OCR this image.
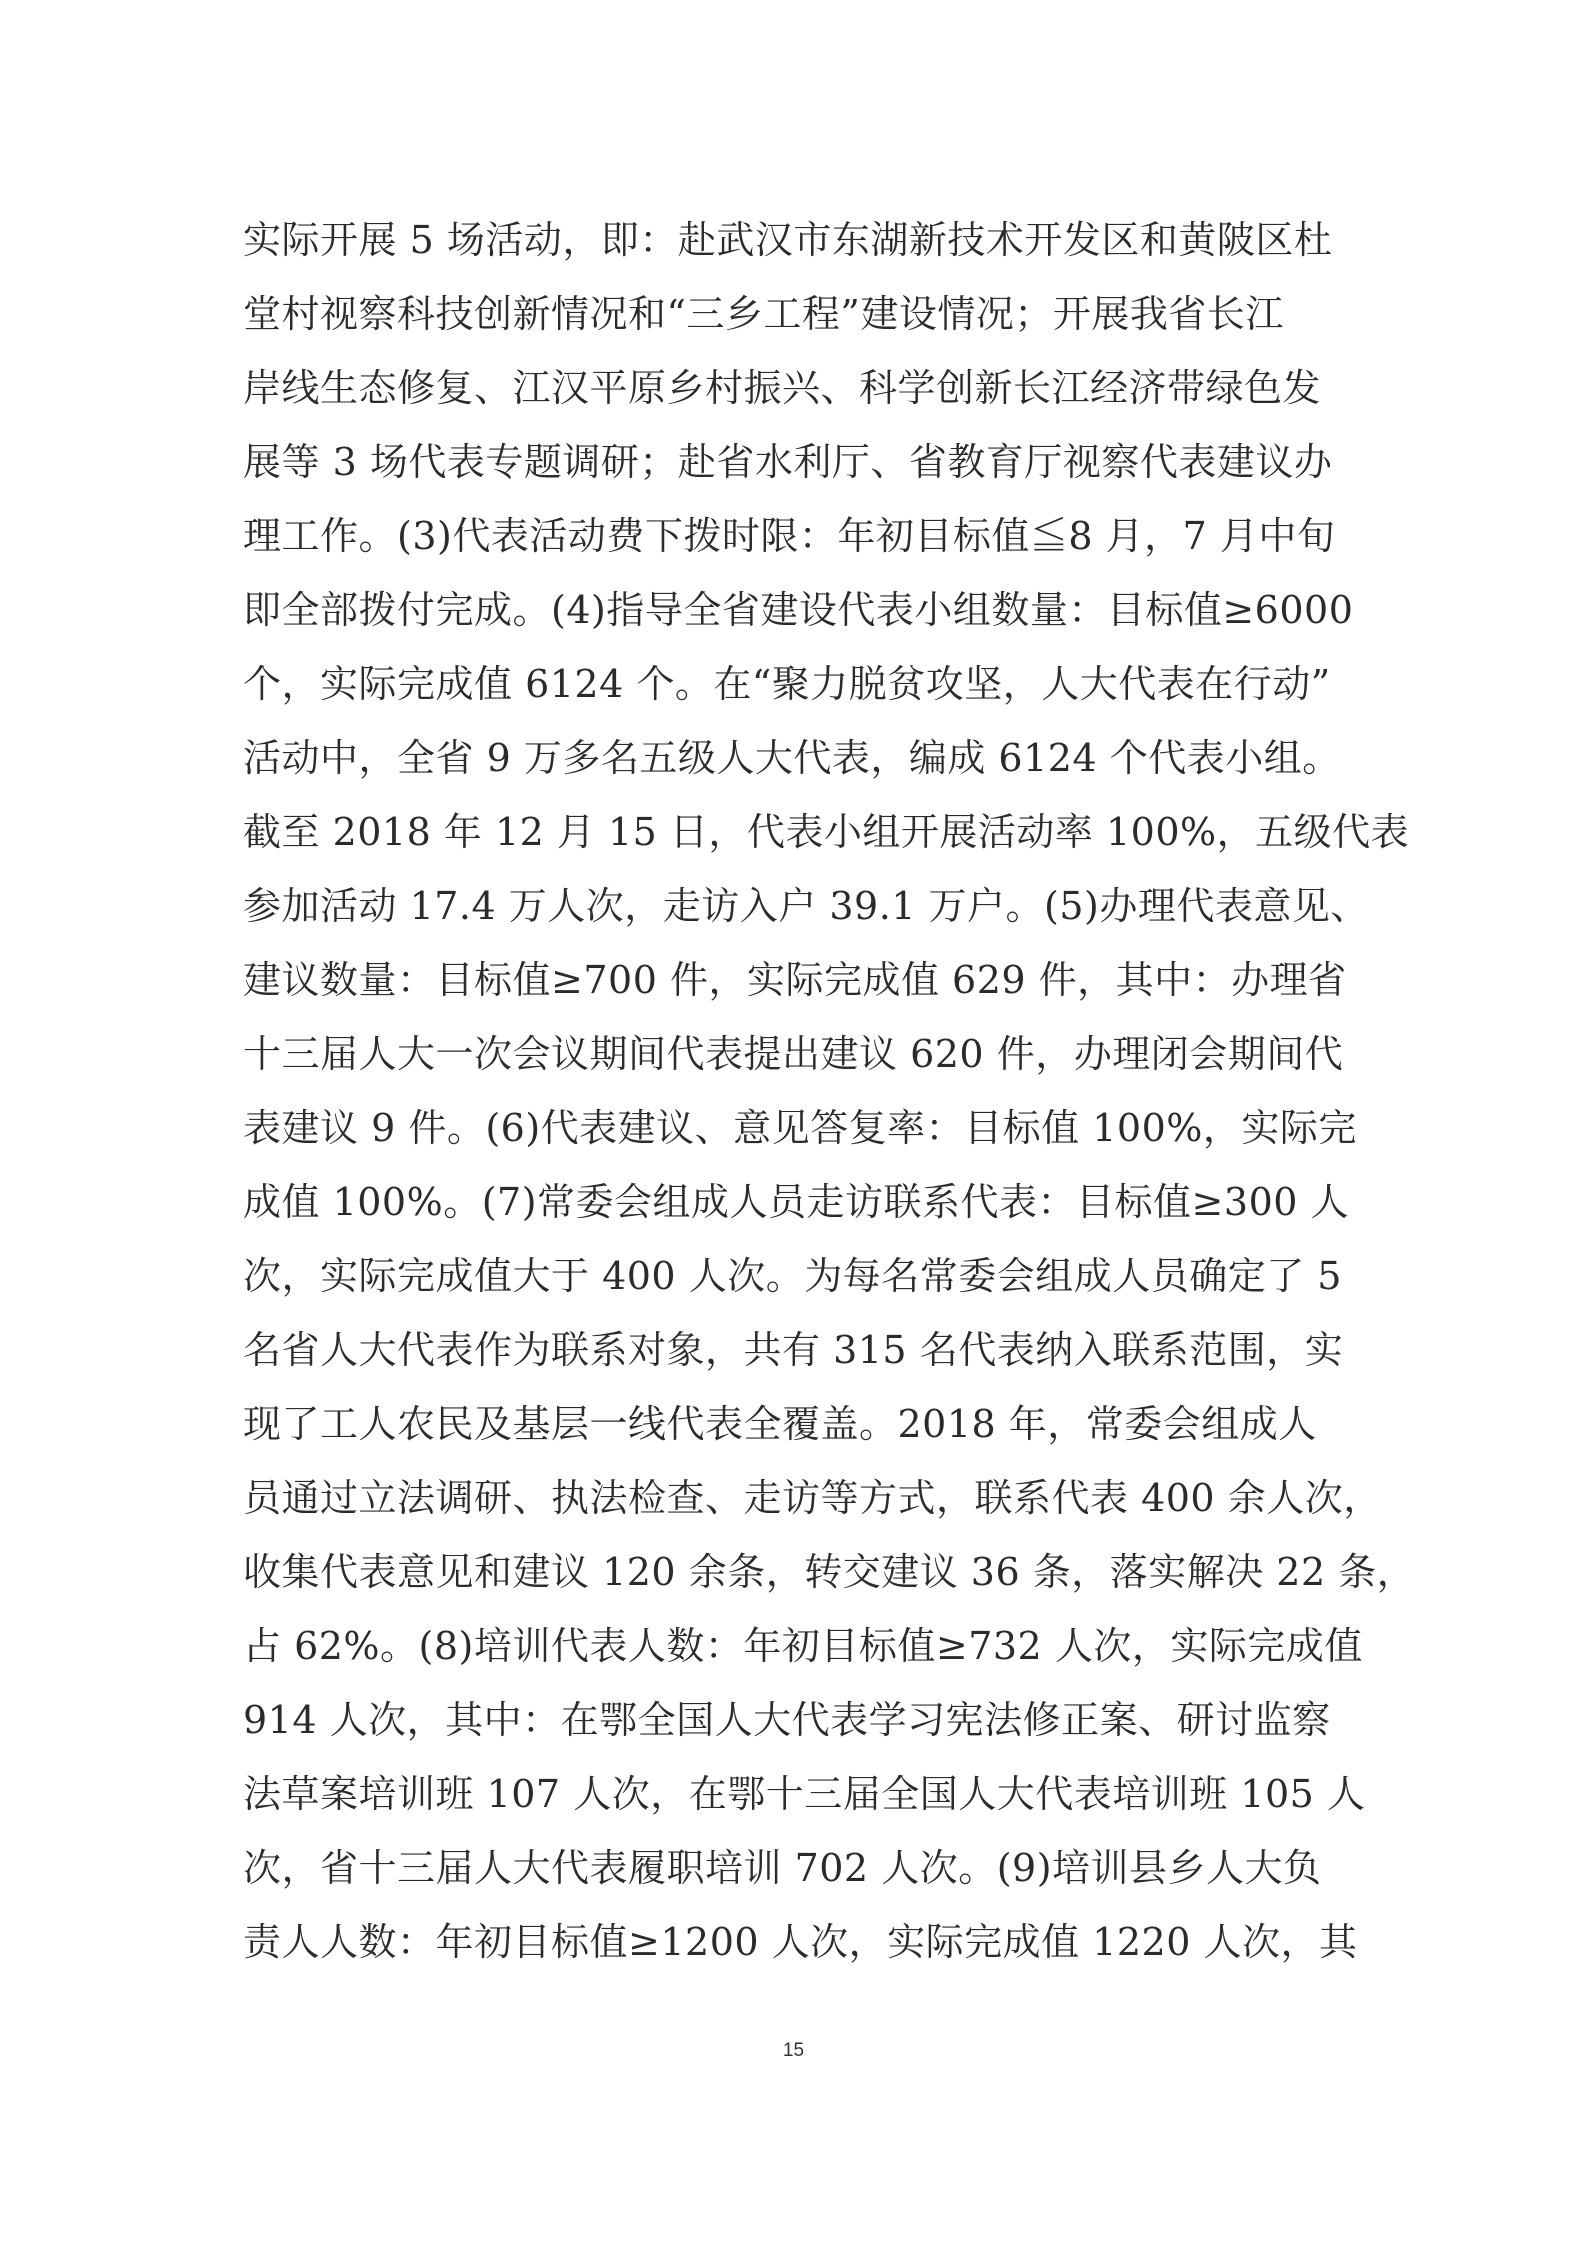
实际开展 5 场活动，即：赴武汉市东湖新技术开发区和黄陂区杜
堂村视察科技创新情况和“三乡工程”建设情况；开展我省长江
岸线生态修复、江汉平原乡村振兴、科学创新长江经济带绿色发
展等 3 场代表专题调研；赴省水利厅、省教育厅视察代表建议办
理工作。(3)代表活动费下拨时限：年初目标值≦8 月，7 月中旬
即全部拨付完成。(4)指导全省建设代表小组数量：目标值≥6000
个，实际完成值 6124 个。在“聚力脱贫攻坚，人大代表在行动”
活动中，全省 9 万多名五级人大代表，编成 6124 个代表小组。
截至 2018 年 12 月 15 日，代表小组开展活动率 100%，五级代表
参加活动 17.4 万人次，走访入户 39.1 万户。(5)办理代表意见、
建议数量：目标值≥700 件，实际完成值 629 件，其中：办理省
十三届人大一次会议期间代表提出建议 620 件，办理闭会期间代
表建议 9 件。(6)代表建议、意见答复率：目标值 100%，实际完
成值 100%。(7)常委会组成人员走访联系代表：目标值≥300 人
次，实际完成值大于 400 人次。为每名常委会组成人员确定了 5
名省人大代表作为联系对象，共有 315 名代表纳入联系范围，实
现了工人农民及基层一线代表全覆盖。2018 年，常委会组成人
员通过立法调研、执法检查、走访等方式，联系代表 400 余人次，
收集代表意见和建议 120 余条，转交建议 36 条，落实解决 22 条，
占 62%。(8)培训代表人数：年初目标值≥732 人次，实际完成值
914 人次，其中：在鄂全国人大代表学习宪法修正案、研讨监察
法草案培训班 107 人次，在鄂十三届全国人大代表培训班 105 人
次，省十三届人大代表履职培训 702 人次。(9)培训县乡人大负
责人人数：年初目标值≥1200 人次，实际完成值 1220 人次，其
15
